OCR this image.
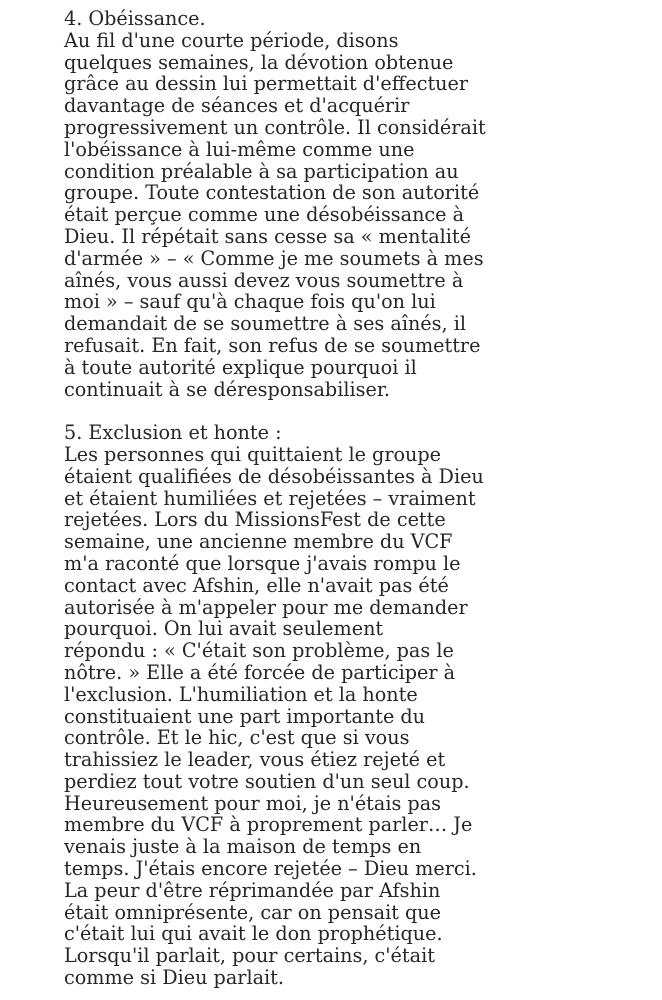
4. Obéissance.
Au fil d'une courte période, disons
quelques semaines, la dévotion obtenue
grâce au dessin lui permettait d'effectuer
davantage de séances et d'acquérir
progressivement un contrôle. Il considérait
l'obéissance à lui-même comme une
condition préalable à sa participation au
groupe. Toute contestation de son autorité
était perçue comme une désobéissance à
Dieu. Il répétait sans cesse sa « mentalité
d'armée » – « Comme je me soumets à mes
aînés, vous aussi devez vous soumettre à
moi » – sauf qu'à chaque fois qu'on lui
demandait de se soumettre à ses aînés, il
refusait. En fait, son refus de se soumettre
à toute autorité explique pourquoi il
continuait à se déresponsabiliser.
5. Exclusion et honte :
Les personnes qui quittaient le groupe
étaient qualifiées de désobéissantes à Dieu
et étaient humiliées et rejetées – vraiment
rejetées. Lors du MissionsFest de cette
semaine, une ancienne membre du VCF
m'a raconté que lorsque j'avais rompu le
contact avec Afshin, elle n'avait pas été
autorisée à m'appeler pour me demander
pourquoi. On lui avait seulement
répondu : « C'était son problème, pas le
nôtre. » Elle a été forcée de participer à
l'exclusion. L'humiliation et la honte
constituaient une part importante du
contrôle. Et le hic, c'est que si vous
trahissiez le leader, vous étiez rejeté et
perdiez tout votre soutien d'un seul coup.
Heureusement pour moi, je n'étais pas
membre du VCF à proprement parler… Je
venais juste à la maison de temps en
temps. J'étais encore rejetée – Dieu merci.
La peur d'être réprimandée par Afshin
était omniprésente, car on pensait que
c'était lui qui avait le don prophétique.
Lorsqu'il parlait, pour certains, c'était
comme si Dieu parlait.
